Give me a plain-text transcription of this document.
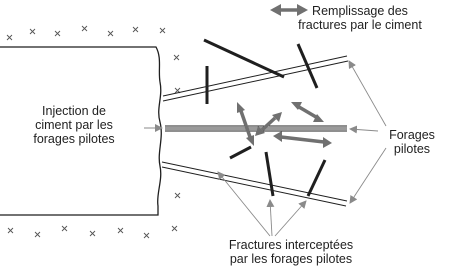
Remplissage des
fractures par le ciment
Injection de
ciment par les
forages pilotes	Forages
pilotes
Fractures interceptées
par les forages pilotes
